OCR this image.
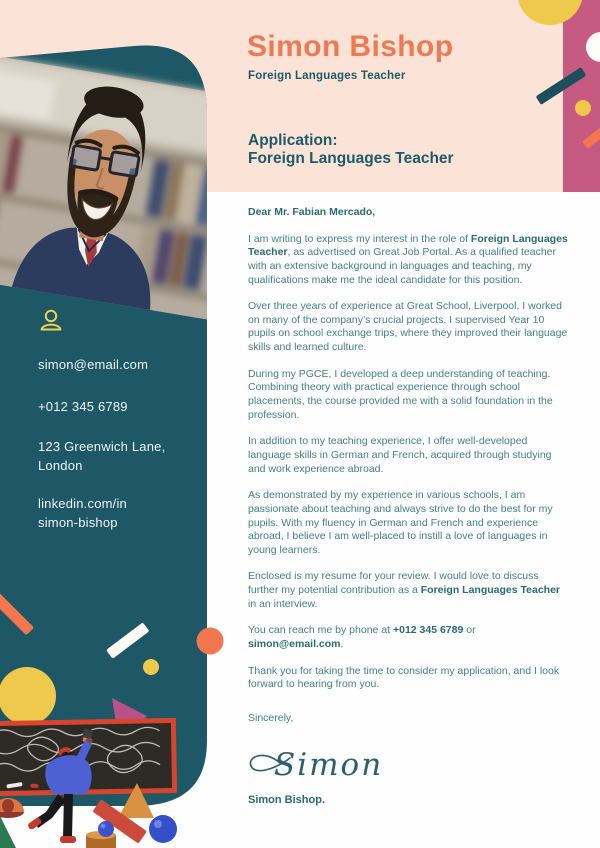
simon@email.com

+012 345 6789

123 Greenwich Lane,
London

linkedin.com/in
simon-bishop

Simon Bishop
Foreign Languages Teacher
Application:
Foreign Languages Teacher

Dear Mr. Fabian Mercado,

I am writing to express my interest in the role of Foreign Languages Teacher, as advertised on Great Job Portal. As a qualified teacher with an extensive background in languages and teaching, my qualifications make me the ideal candidate for this position.

Over three years of experience at Great School, Liverpool, I worked on many of the company’s crucial projects. I supervised Year 10 pupils on school exchange trips, where they improved their language skills and learned culture.

During my PGCE, I developed a deep understanding of teaching. Combining theory with practical experience through school placements, the course provided me with a solid foundation in the profession.

In addition to my teaching experience, I offer well-developed language skills in German and French, acquired through studying and work experience abroad.

As demonstrated by my experience in various schools, I am passionate about teaching and always strive to do the best for my pupils. With my fluency in German and French and experience abroad, I believe I am well-placed to instill a love of languages in young learners.

Enclosed is my resume for your review. I would love to discuss further my potential contribution as a Foreign Languages Teacher in an interview.

You can reach me by phone at +012 345 6789 or simon@email.com.

Thank you for taking the time to consider my application, and I look forward to hearing from you.

Sincerely,

Simon

Simon Bishop.
